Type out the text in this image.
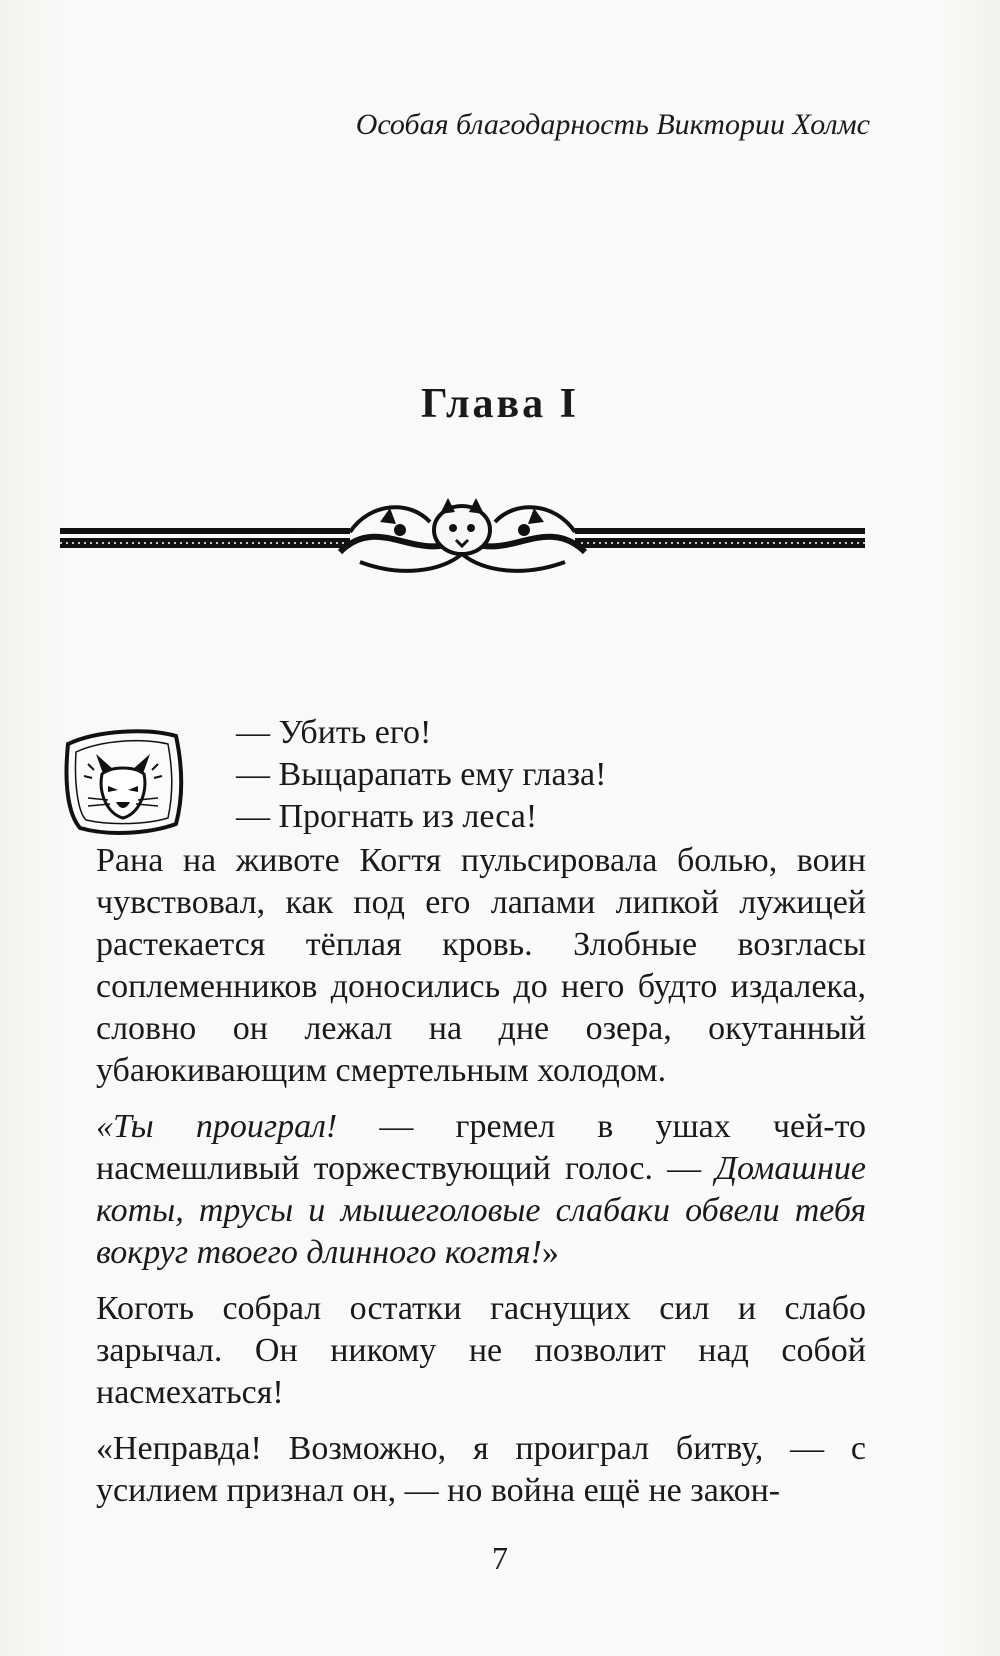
Особая благодарность Виктории Холмс
Глава I
— Убить его!
— Выцарапать ему глаза!
— Прогнать из леса!

Рана на животе Когтя пульсировала болью, воин чувствовал, как под его лапами липкой лужицей растекается тёплая кровь. Злобные возгласы соплеменников доносились до него будто издалека, словно он лежал на дне озера, окутанный убаюкивающим смертельным холодом.

«Ты проиграл! — гремел в ушах чей-то насмешливый торжествующий голос. — Домашние коты, трусы и мышеголовые слабаки обвели тебя вокруг твоего длинного когтя!»

Коготь собрал остатки гаснущих сил и слабо зарычал. Он никому не позволит над собой насмехаться!

«Неправда! Возможно, я проиграл битву, — с усилием признал он, — но война ещё не закон-

7
